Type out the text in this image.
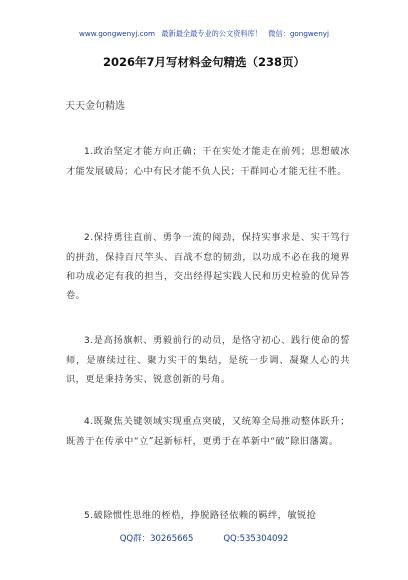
www.gongwenyj.com 最新最全最专业的公文资料库！ 微信：gongwenyj
2026年7月写材料金句精选（238页）
天天金句精选
1.政治坚定才能方向正确；干在实处才能走在前列；思想破冰才能发展破局；心中有民才能不负人民；干群同心才能无往不胜。
2.保持勇往直前、勇争一流的阅劲，保持实事求是、实干笃行的拼劲，保持百尺竿头、百战不怠的韧劲，以功成不必在我的境界和功成必定有我的担当，交出经得起实践人民和历史检验的优异答卷。
3.是高扬旗帜、勇毅前行的动员，是恪守初心、践行使命的誓师，是赓续过往、聚力实干的集结，是统一步调、凝聚人心的共识，更是秉持务实、锐意创新的号角。
4.既聚焦关键领域实现重点突破，又统筹全局推动整体跃升；既善于在传承中“立”起新标杆，更勇于在革新中“破”除旧藩篱。
5.破除惯性思维的桎梏，挣脱路径依赖的羁绊，敏锐抢
QQ群：30265665	QQ:535304092
